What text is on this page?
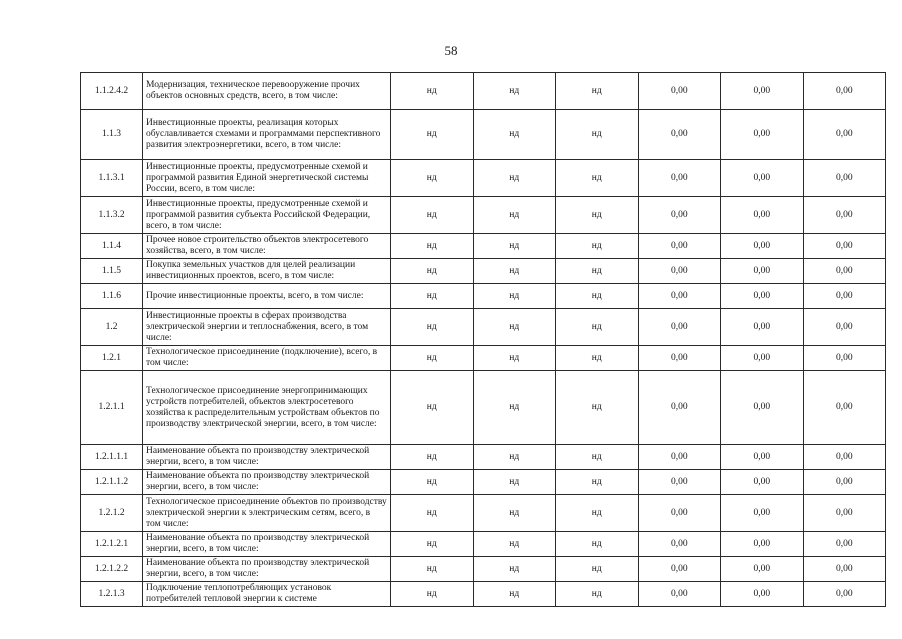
58
1.1.2.4.2	Модернизация, техническое перевооружение прочих объектов основных средств, всего, в том числе:	нд	нд	нд	0,00	0,00	0,00
1.1.3	Инвестиционные проекты, реализация которых обуславливается схемами и программами перспективного развития электроэнергетики, всего, в том числе:	нд	нд	нд	0,00	0,00	0,00
1.1.3.1	Инвестиционные проекты, предусмотренные схемой и программой развития Единой энергетической системы России, всего, в том числе:	нд	нд	нд	0,00	0,00	0,00
1.1.3.2	Инвестиционные проекты, предусмотренные схемой и программой развития субъекта Российской Федерации, всего, в том числе:	нд	нд	нд	0,00	0,00	0,00
1.1.4	Прочее новое строительство объектов электросетевого хозяйства, всего, в том числе:	нд	нд	нд	0,00	0,00	0,00
1.1.5	Покупка земельных участков для целей реализации инвестиционных проектов, всего, в том числе:	нд	нд	нд	0,00	0,00	0,00
1.1.6	Прочие инвестиционные проекты, всего, в том числе:	нд	нд	нд	0,00	0,00	0,00
1.2	Инвестиционные проекты в сферах производства электрической энергии и теплоснабжения, всего, в том числе:	нд	нд	нд	0,00	0,00	0,00
1.2.1	Технологическое присоединение (подключение), всего, в том числе:	нд	нд	нд	0,00	0,00	0,00
1.2.1.1	Технологическое присоединение энергопринимающих устройств потребителей, объектов электросетевого хозяйства к распределительным устройствам объектов по производству электрической энергии, всего, в том числе:	нд	нд	нд	0,00	0,00	0,00
1.2.1.1.1	Наименование объекта по производству электрической энергии, всего, в том числе:	нд	нд	нд	0,00	0,00	0,00
1.2.1.1.2	Наименование объекта по производству электрической энергии, всего, в том числе:	нд	нд	нд	0,00	0,00	0,00
1.2.1.2	Технологическое присоединение объектов по производству электрической энергии к электрическим сетям, всего, в том числе:	нд	нд	нд	0,00	0,00	0,00
1.2.1.2.1	Наименование объекта по производству электрической энергии, всего, в том числе:	нд	нд	нд	0,00	0,00	0,00
1.2.1.2.2	Наименование объекта по производству электрической энергии, всего, в том числе:	нд	нд	нд	0,00	0,00	0,00
1.2.1.3	Подключение теплопотребляющих установок потребителей тепловой энергии к системе	нд	нд	нд	0,00	0,00	0,00
